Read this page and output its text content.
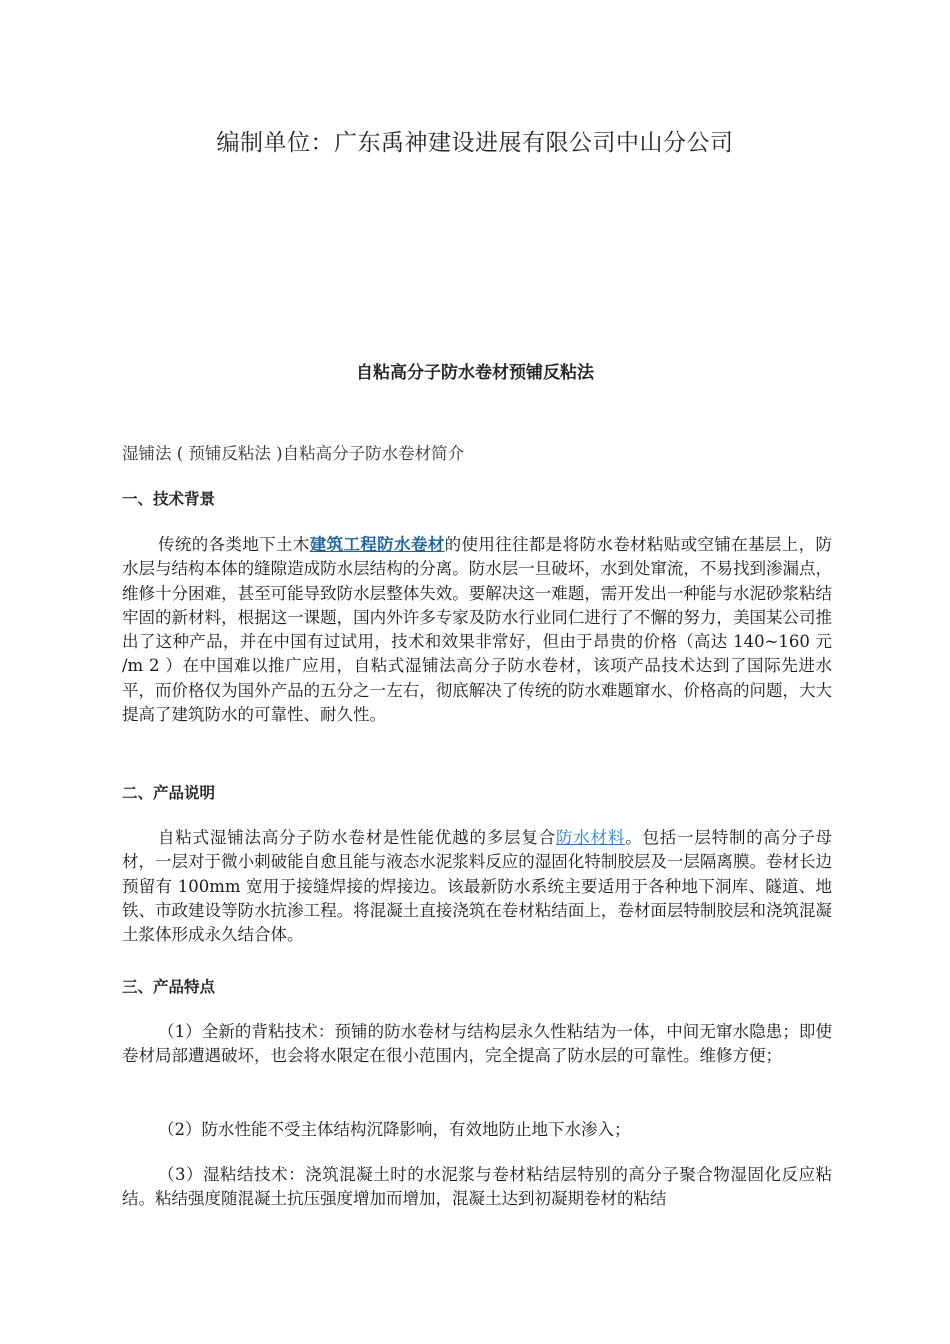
编制单位：广东禹神建设进展有限公司中山分公司
自粘高分子防水卷材预铺反粘法
湿铺法 ( 预铺反粘法 )自粘高分子防水卷材简介
一、技术背景

传统的各类地下土木建筑工程防水卷材的使用往往都是将防水卷材粘贴或空铺在基层上，防水层与结构本体的缝隙造成防水层结构的分离。防水层一旦破坏，水到处窜流，不易找到渗漏点，维修十分困难，甚至可能导致防水层整体失效。要解决这一难题，需开发出一种能与水泥砂浆粘结牢固的新材料，根据这一课题，国内外许多专家及防水行业同仁进行了不懈的努力，美国某公司推出了这种产品，并在中国有过试用，技术和效果非常好，但由于昂贵的价格（高达 140~160 元 /m 2 ）在中国难以推广应用，自粘式湿铺法高分子防水卷材，该项产品技术达到了国际先进水平，而价格仅为国外产品的五分之一左右，彻底解决了传统的防水难题窜水、价格高的问题，大大提高了建筑防水的可靠性、耐久性。

二、产品说明

自粘式湿铺法高分子防水卷材是性能优越的多层复合防水材料。包括一层特制的高分子母材，一层对于微小刺破能自愈且能与液态水泥浆料反应的湿固化特制胶层及一层隔离膜。卷材长边预留有 100mm 宽用于接缝焊接的焊接边。该最新防水系统主要适用于各种地下洞库、隧道、地铁、市政建设等防水抗渗工程。将混凝土直接浇筑在卷材粘结面上，卷材面层特制胶层和浇筑混凝土浆体形成永久结合体。

三、产品特点

（1）全新的背粘技术：预铺的防水卷材与结构层永久性粘结为一体，中间无窜水隐患；即使卷材局部遭遇破坏，也会将水限定在很小范围内，完全提高了防水层的可靠性。维修方便；

（2）防水性能不受主体结构沉降影响，有效地防止地下水渗入；

（3）湿粘结技术：浇筑混凝土时的水泥浆与卷材粘结层特别的高分子聚合物湿固化反应粘结。粘结强度随混凝土抗压强度增加而增加，混凝土达到初凝期卷材的粘结
